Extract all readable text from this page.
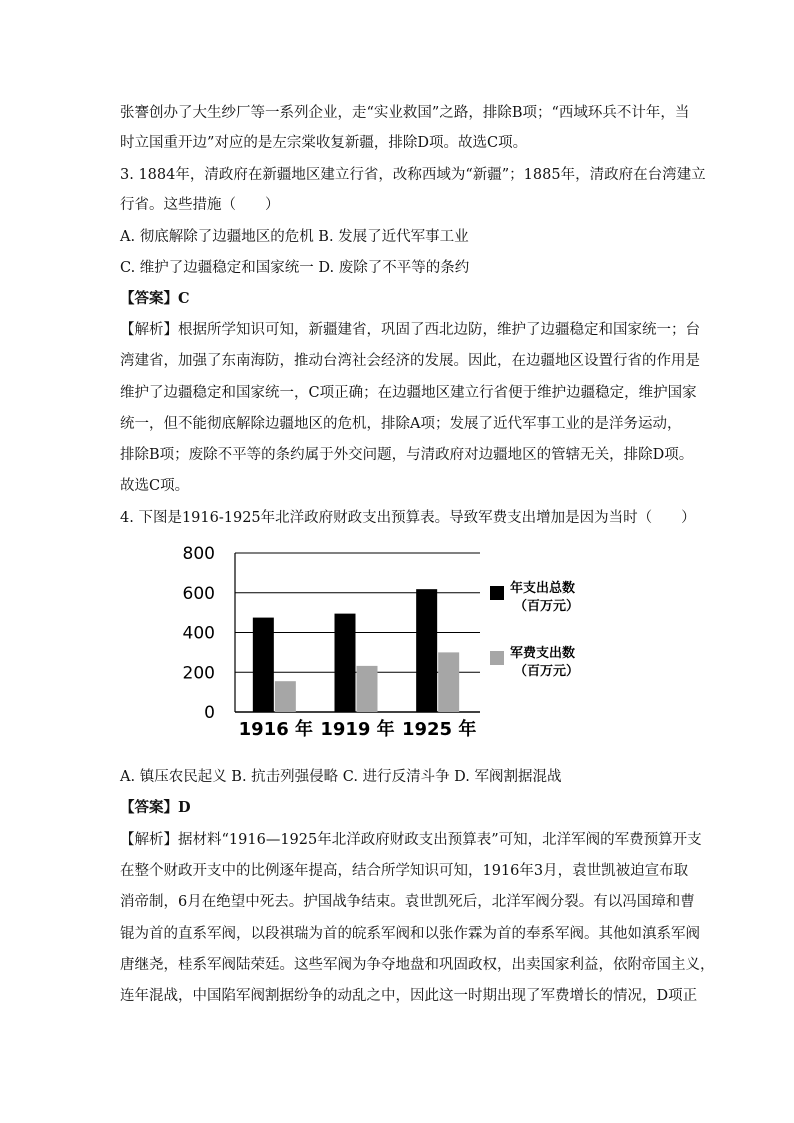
张謇创办了大生纱厂等一系列企业，走“实业救国”之路，排除B项；“西域环兵不计年，当
时立国重开边”对应的是左宗棠收复新疆，排除D项。故选C项。
3. 1884年，清政府在新疆地区建立行省，改称西域为“新疆”；1885年，清政府在台湾建立
行省。这些措施（　　）
A. 彻底解除了边疆地区的危机 B. 发展了近代军事工业
C. 维护了边疆稳定和国家统一 D. 废除了不平等的条约
【答案】C
【解析】根据所学知识可知，新疆建省，巩固了西北边防，维护了边疆稳定和国家统一；台
湾建省，加强了东南海防，推动台湾社会经济的发展。因此，在边疆地区设置行省的作用是
维护了边疆稳定和国家统一，C项正确；在边疆地区建立行省便于维护边疆稳定，维护国家
统一，但不能彻底解除边疆地区的危机，排除A项；发展了近代军事工业的是洋务运动，
排除B项；废除不平等的条约属于外交问题，与清政府对边疆地区的管辖无关，排除D项。
故选C项。
4. 下图是1916-1925年北洋政府财政支出预算表。导致军费支出增加是因为当时（　　）
0
200
400
600
800
1916 年 1919 年 1925 年
年支出总数
（百万元）
军费支出数
（百万元）
A. 镇压农民起义 B. 抗击列强侵略 C. 进行反清斗争 D. 军阀割据混战
【答案】D
【解析】据材料“1916—1925年北洋政府财政支出预算表”可知，北洋军阀的军费预算开支
在整个财政开支中的比例逐年提高，结合所学知识可知，1916年3月，袁世凯被迫宣布取
消帝制，6月在绝望中死去。护国战争结束。袁世凯死后，北洋军阀分裂。有以冯国璋和曹
锟为首的直系军阀，以段祺瑞为首的皖系军阀和以张作霖为首的奉系军阀。其他如滇系军阀
唐继尧，桂系军阀陆荣廷。这些军阀为争夺地盘和巩固政权，出卖国家利益，依附帝国主义，
连年混战，中国陷军阀割据纷争的动乱之中，因此这一时期出现了军费增长的情况，D项正
